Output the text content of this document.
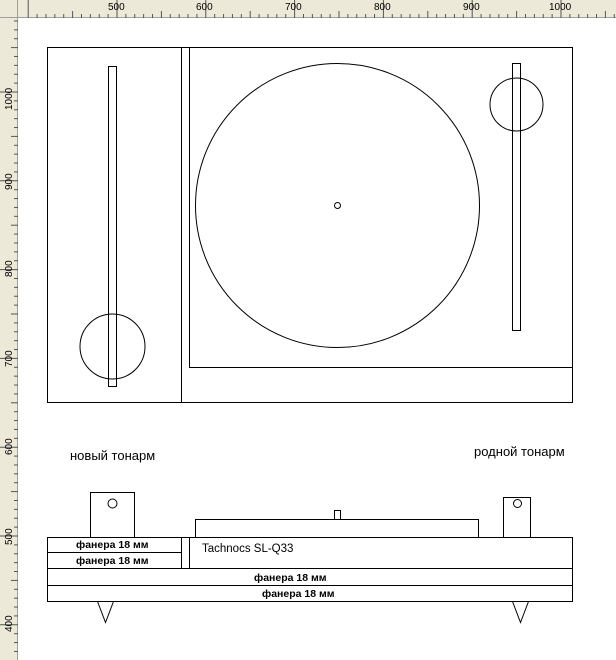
500	600	700	800	900	1000
1000
900
800
700
600
500
400
новый тонарм	родной тонарм
фанера 18 мм
фанера 18 мм
Tachnocs SL-Q33
фанера 18 мм
фанера 18 мм
